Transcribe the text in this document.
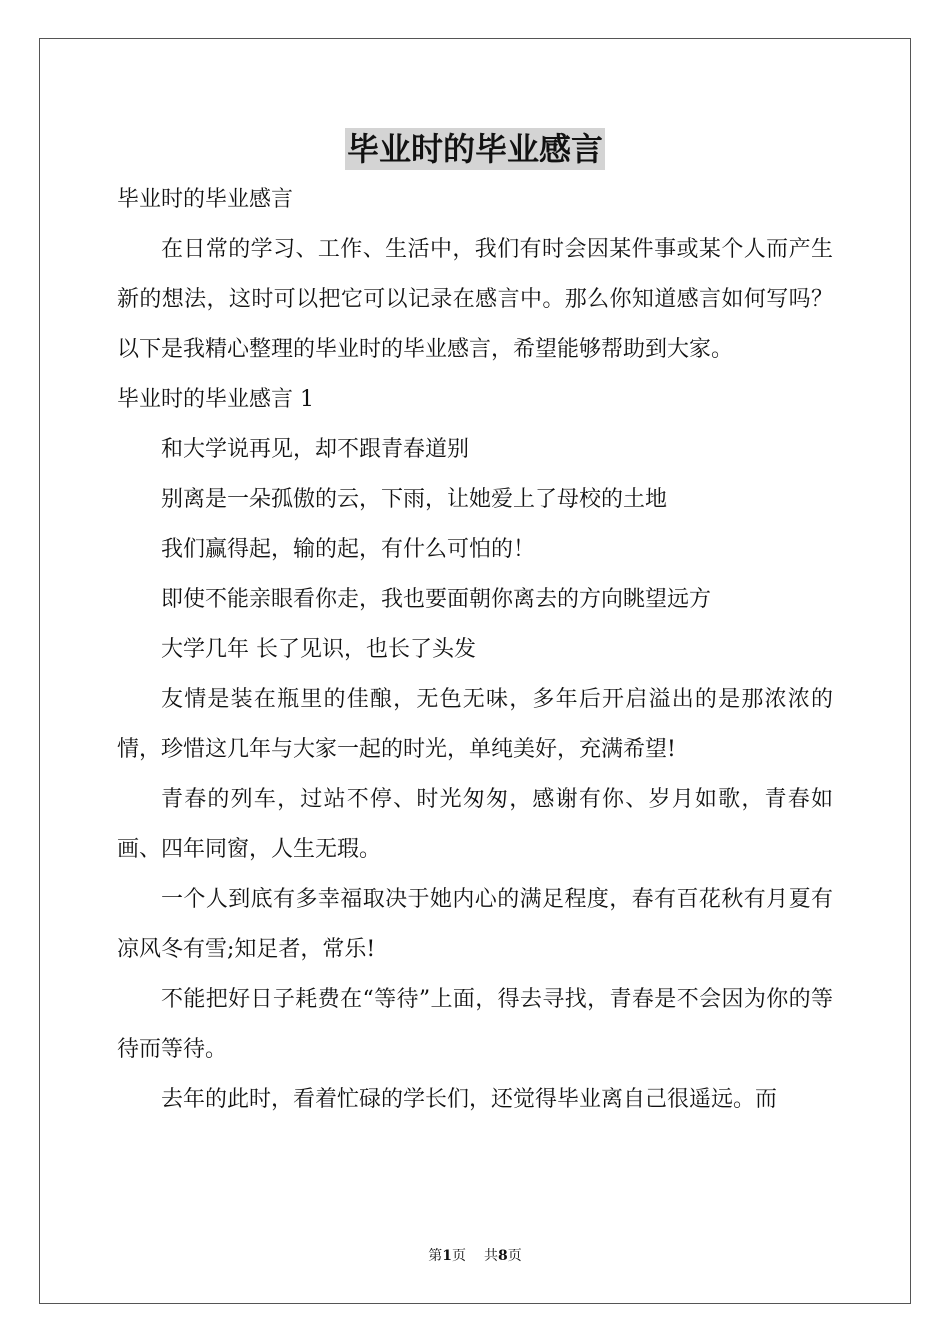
毕业时的毕业感言
毕业时的毕业感言
在日常的学习、工作、生活中，我们有时会因某件事或某个人而产生新的想法，这时可以把它可以记录在感言中。那么你知道感言如何写吗？以下是我精心整理的毕业时的毕业感言，希望能够帮助到大家。
毕业时的毕业感言 1
和大学说再见，却不跟青春道别
别离是一朵孤傲的云，下雨，让她爱上了母校的土地
我们赢得起，输的起，有什么可怕的！
即使不能亲眼看你走，我也要面朝你离去的方向眺望远方
大学几年 长了见识，也长了头发
友情是装在瓶里的佳酿，无色无味，多年后开启溢出的是那浓浓的情，珍惜这几年与大家一起的时光，单纯美好，充满希望!
青春的列车，过站不停、时光匆匆，感谢有你、岁月如歌，青春如画、四年同窗，人生无瑕。
一个人到底有多幸福取决于她内心的满足程度，春有百花秋有月夏有凉风冬有雪;知足者，常乐!
不能把好日子耗费在“等待”上面，得去寻找，青春是不会因为你的等待而等待。
去年的此时，看着忙碌的学长们，还觉得毕业离自己很遥远。而
第1页 共8页
